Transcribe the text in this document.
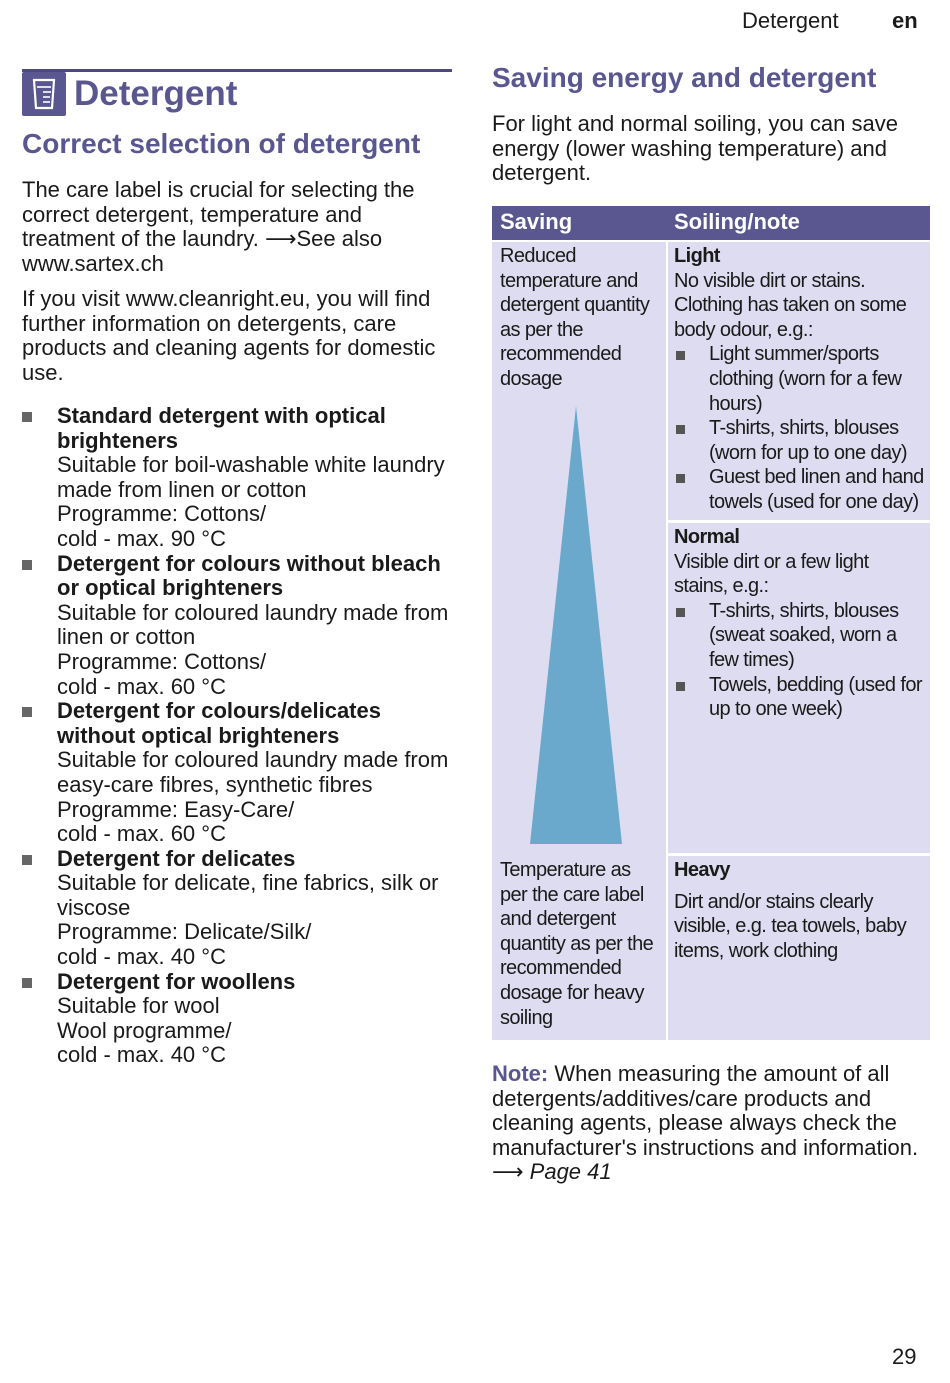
Detergent en
Detergent
Correct selection of detergent
The care label is crucial for selecting the correct detergent, temperature and treatment of the laundry. ⟶See also www.sartex.ch
If you visit www.cleanright.eu, you will find further information on detergents, care products and cleaning agents for domestic use.
Standard detergent with optical brighteners
Suitable for boil-washable white laundry made from linen or cotton
Programme: Cottons/
cold - max. 90 °C
Detergent for colours without bleach or optical brighteners
Suitable for coloured laundry made from linen or cotton
Programme: Cottons/
cold - max. 60 °C
Detergent for colours/delicates without optical brighteners
Suitable for coloured laundry made from easy-care fibres, synthetic fibres
Programme: Easy-Care/
cold - max. 60 °C
Detergent for delicates
Suitable for delicate, fine fabrics, silk or viscose
Programme: Delicate/Silk/
cold - max. 40 °C
Detergent for woollens
Suitable for wool
Wool programme/
cold - max. 40 °C
Saving energy and detergent
For light and normal soiling, you can save energy (lower washing temperature) and detergent.
Saving	Soiling/note
Reduced temperature and detergent quantity as per the recommended dosage
Temperature as per the care label and detergent quantity as per the recommended dosage for heavy soiling
Light
No visible dirt or stains. Clothing has taken on some body odour, e.g.:
Light summer/sports clothing (worn for a few hours)
T-shirts, shirts, blouses (worn for up to one day)
Guest bed linen and hand towels (used for one day)
Normal
Visible dirt or a few light stains, e.g.:
T-shirts, shirts, blouses (sweat soaked, worn a few times)
Towels, bedding (used for up to one week)
Heavy
Dirt and/or stains clearly visible, e.g. tea towels, baby items, work clothing
Note: When measuring the amount of all detergents/additives/care products and cleaning agents, please always check the manufacturer's instructions and information. ⟶ Page 41
29
